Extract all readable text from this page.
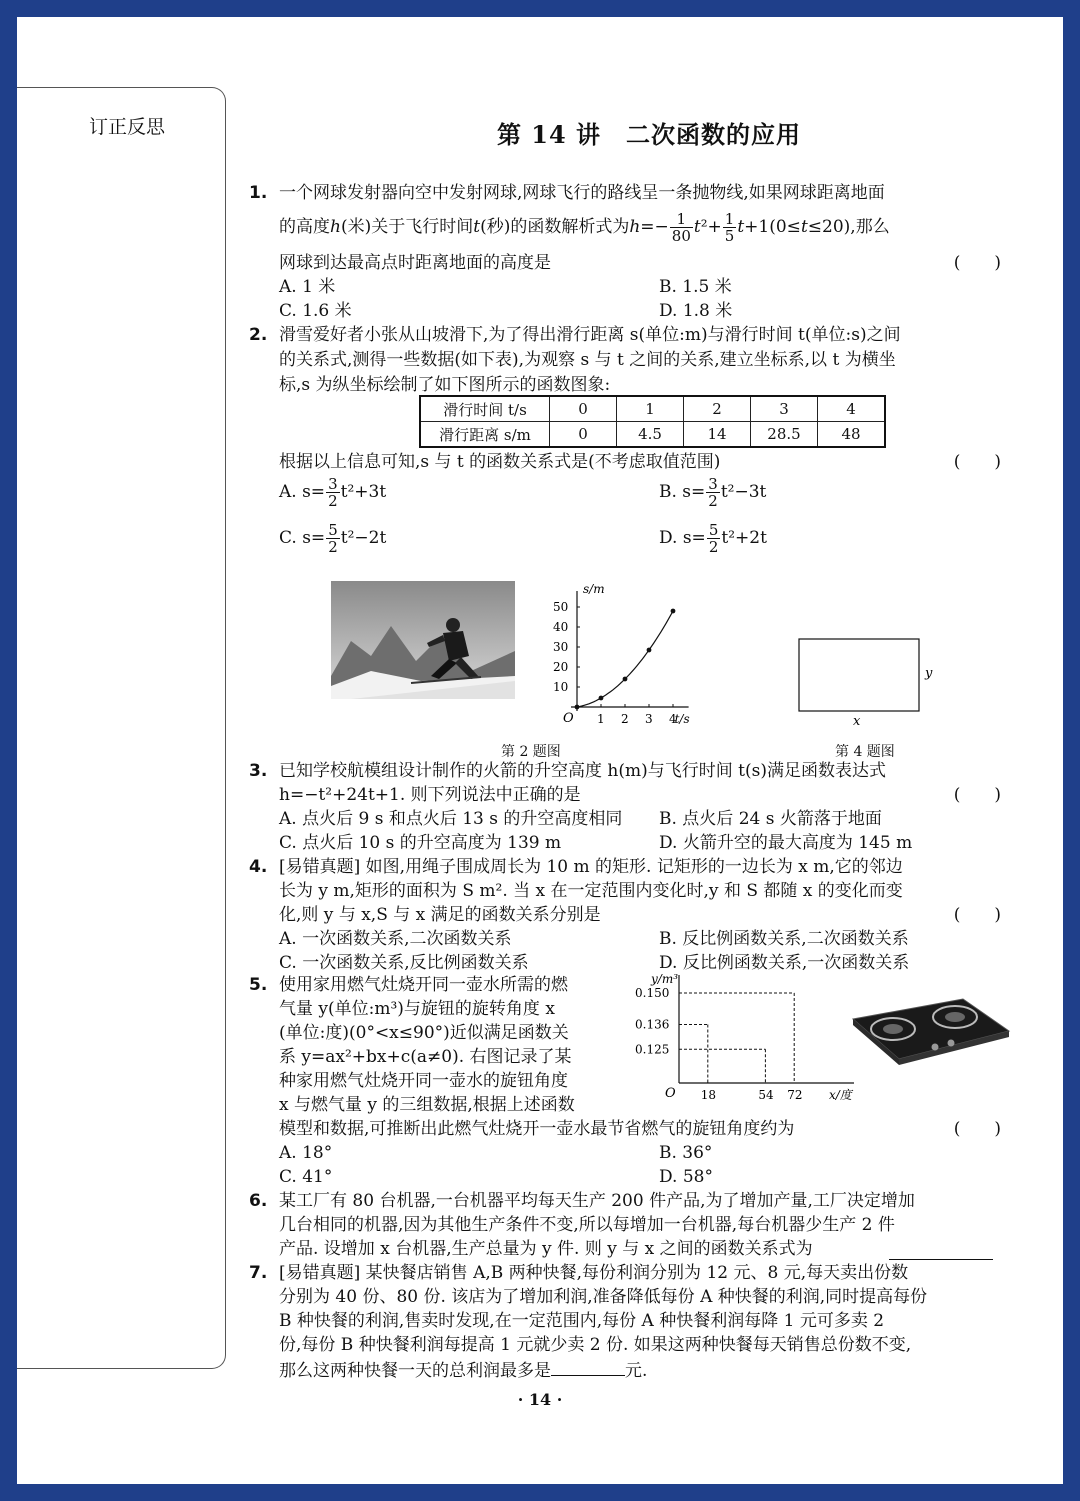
订正反思	第 14 讲　二次函数的应用
1. 一个网球发射器向空中发射网球,网球飞行的路线呈一条抛物线,如果网球距离地面
的高度h(米)关于飞行时间t(秒)的函数解析式为$h=- \frac{1}{80} t^2+ \frac{1}{5} t+1(0\le t\le 20)$,那么
网球到达最高点时距离地面的高度是	(　　)
A. 1 米	B. 1.5 米
C. 1.6 米	D. 1.8 米
2. 滑雪爱好者小张从山坡滑下,为了得出滑行距离 s(单位:m)与滑行时间 t(单位:s)之间
的关系式,测得一些数据(如下表),为观察 s 与 t 之间的关系,建立坐标系,以 t 为横坐
标,s 为纵坐标绘制了如下图所示的函数图象:
滑行时间 t/s	0	1	2	3	4
滑行距离 s/m	0	4.5	14	28.5	48
根据以上信息可知,s 与 t 的函数关系式是(不考虑取值范围)	(　　)
A. $s= \frac{3}{2} t^2+3t$	B. $s= \frac{3}{2} t^2-3t$
C. $s= \frac{5}{2} t^2-2t$	D. $s= \frac{5}{2} t^2+2t$
s/m
t/s
O 1 2 3 4
10
20
30
40
50
第 2 题图
x
y
第 4 题图
3. 已知学校航模组设计制作的火箭的升空高度 h(m)与飞行时间 t(s)满足函数表达式
h=−t²+24t+1. 则下列说法中正确的是	(　　)
A. 点火后 9 s 和点火后 13 s 的升空高度相同 B. 点火后 24 s 火箭落于地面
C. 点火后 10 s 的升空高度为 139 m	D. 火箭升空的最大高度为 145 m
4. [易错真题] 如图,用绳子围成周长为 10 m 的矩形. 记矩形的一边长为 x m,它的邻边
长为 y m,矩形的面积为 S m². 当 x 在一定范围内变化时,y 和 S 都随 x 的变化而变
化,则 y 与 x,S 与 x 满足的函数关系分别是	(　　)
A. 一次函数关系,二次函数关系	B. 反比例函数关系,二次函数关系
C. 一次函数关系,反比例函数关系	D. 反比例函数关系,一次函数关系
5. 使用家用燃气灶烧开同一壶水所需的燃
气量 y(单位:m³)与旋钮的旋转角度 x
(单位:度)(0°<x≤90°)近似满足函数关
系 y=ax²+bx+c(a≠0). 右图记录了某
种家用燃气灶烧开同一壶水的旋钮角度
x 与燃气量 y 的三组数据,根据上述函数
模型和数据,可推断出此燃气灶烧开一壶水最节省燃气的旋钮角度约为	(　　)
A. 18°	B. 36°
C. 41°	D. 58°
y/m³
x/度
O 18	54 72
0.125
0.136
0.150
6. 某工厂有 80 台机器,一台机器平均每天生产 200 件产品,为了增加产量,工厂决定增加
几台相同的机器,因为其他生产条件不变,所以每增加一台机器,每台机器少生产 2 件
产品. 设增加 x 台机器,生产总量为 y 件. 则 y 与 x 之间的函数关系式为
7. [易错真题] 某快餐店销售 A,B 两种快餐,每份利润分别为 12 元、8 元,每天卖出份数
分别为 40 份、80 份. 该店为了增加利润,准备降低每份 A 种快餐的利润,同时提高每份
B 种快餐的利润,售卖时发现,在一定范围内,每份 A 种快餐利润每降 1 元可多卖 2
份,每份 B 种快餐利润每提高 1 元就少卖 2 份. 如果这两种快餐每天销售总份数不变,
那么这两种快餐一天的总利润最多是	元.
· 14 ·
